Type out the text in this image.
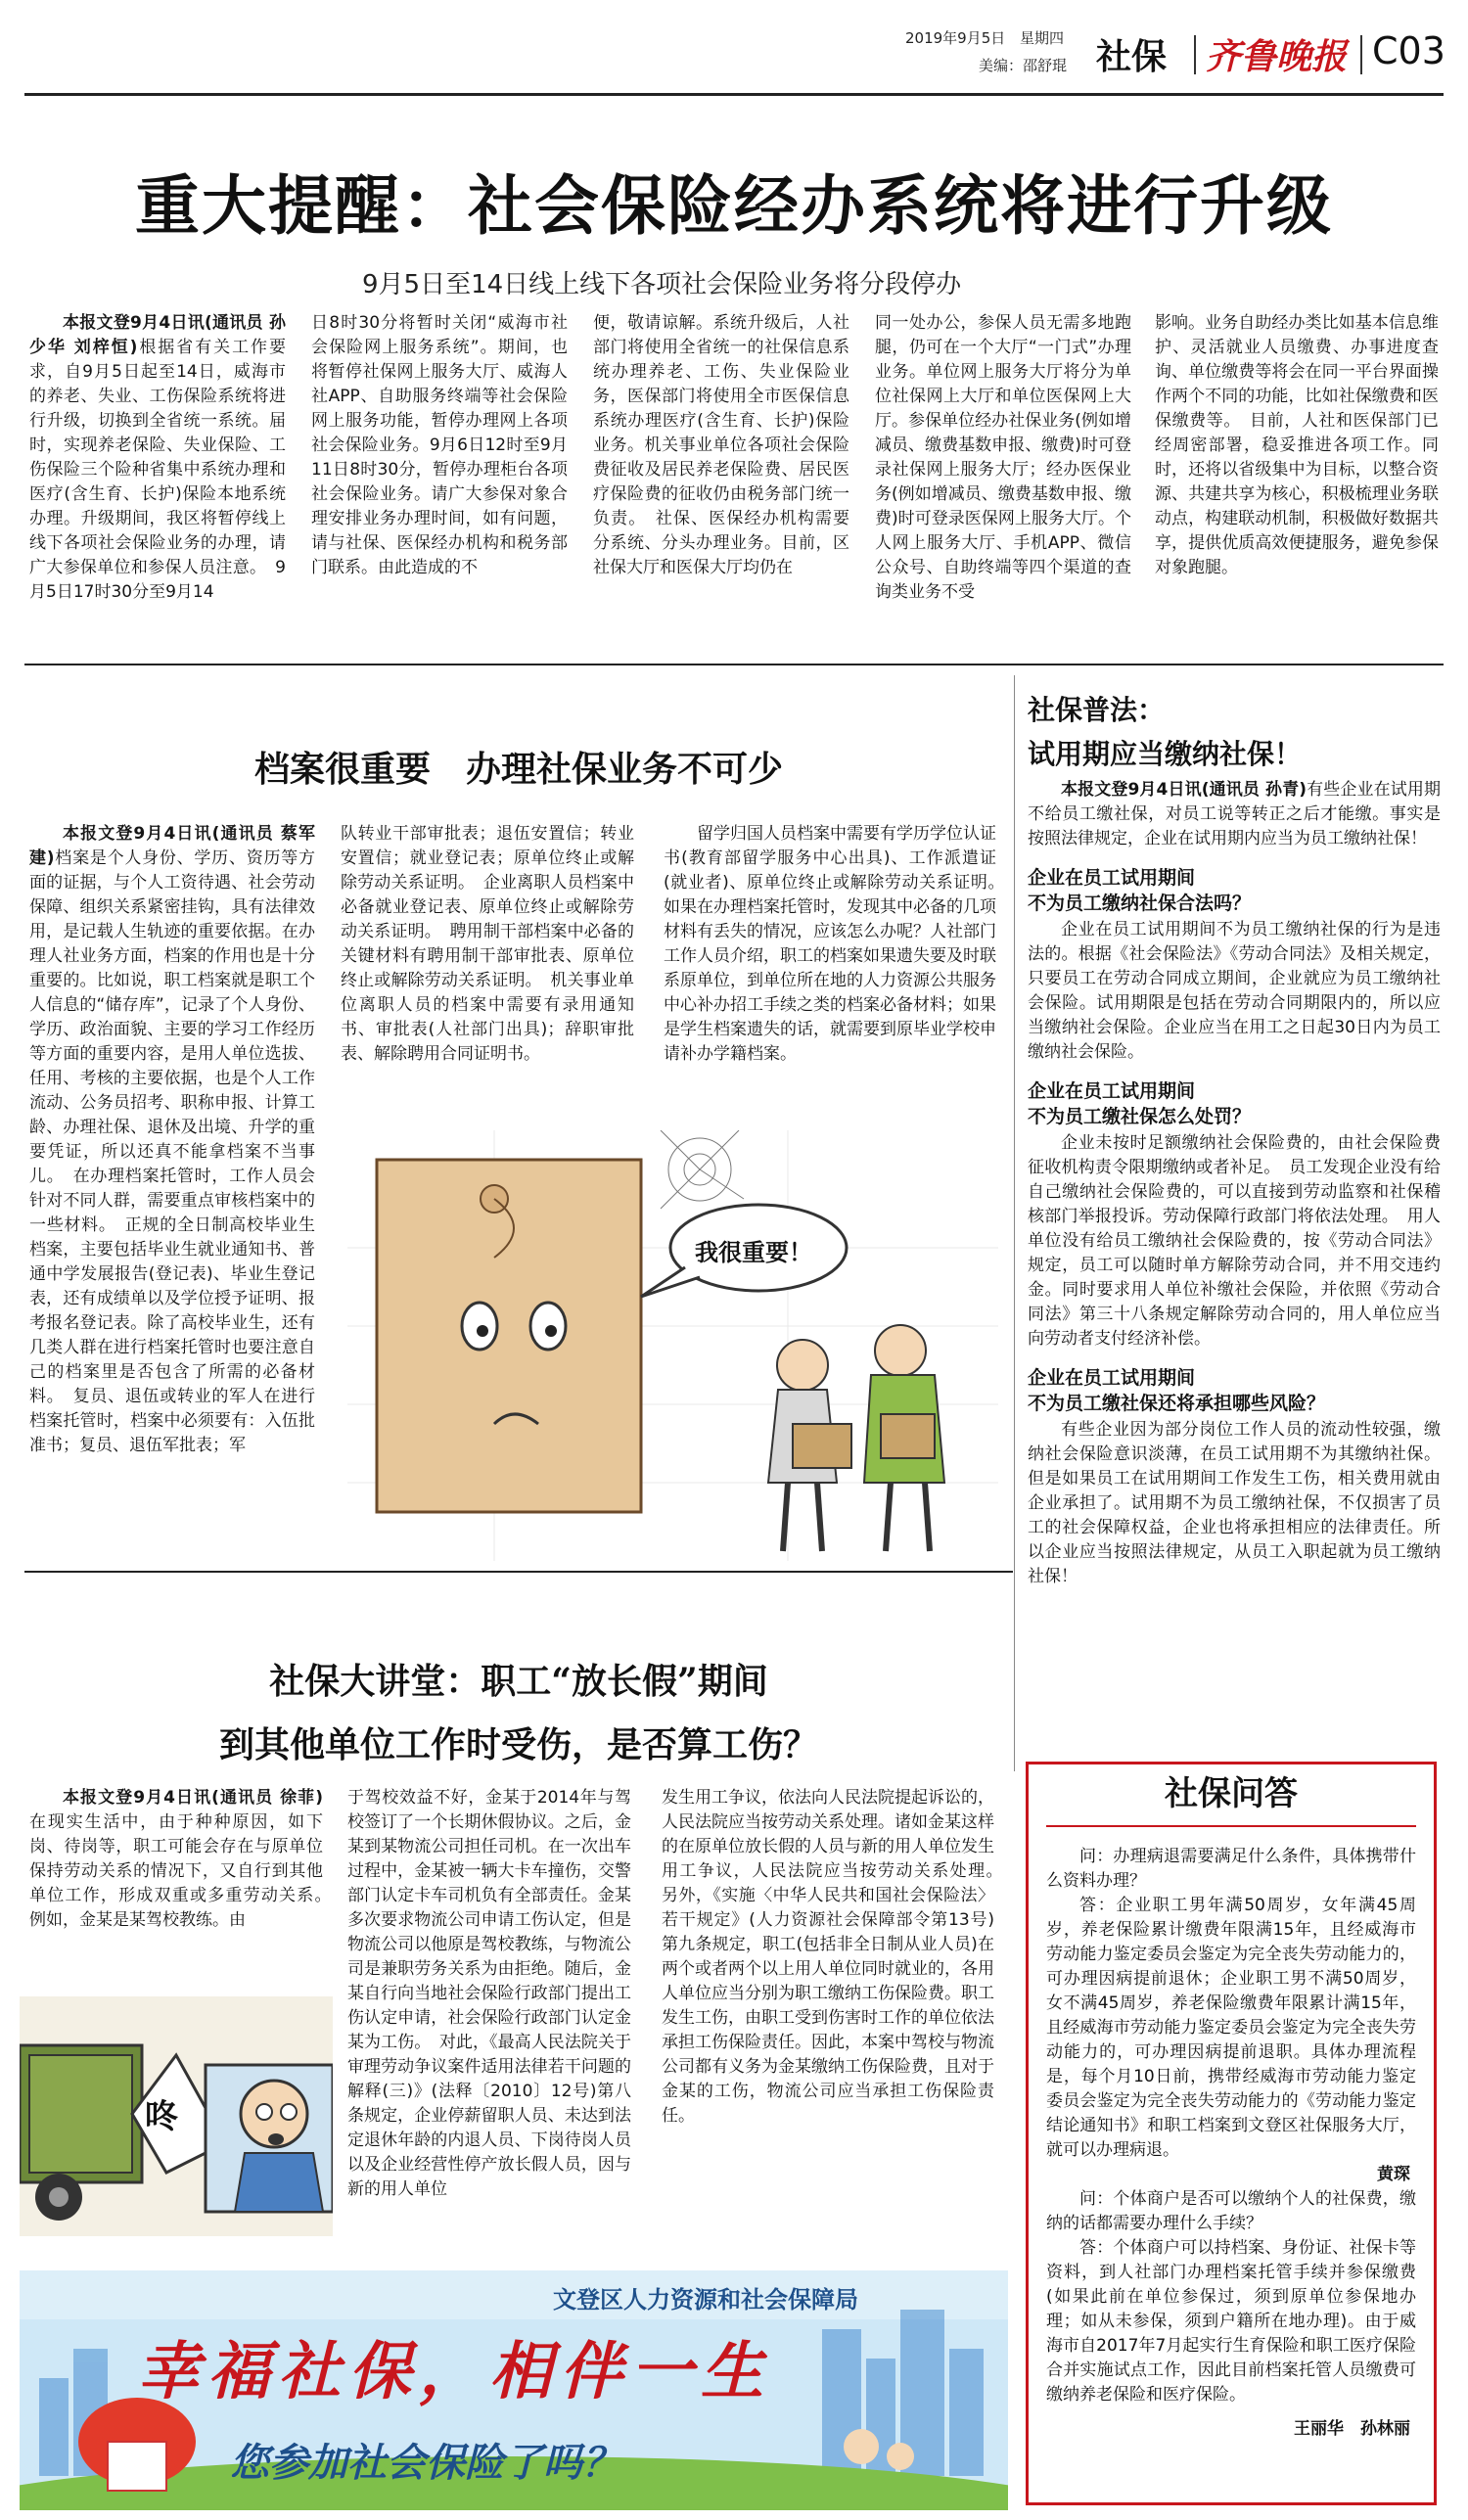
2019年9月5日 星期四
美编：邵舒琨 社保 齐鲁晚报 C03
重大提醒：社会保险经办系统将进行升级
9月5日至14日线上线下各项社会保险业务将分段停办

本报文登9月4日讯(通讯员 孙少华 刘梓恒)根据省有关工作要求，自9月5日起至14日，威海市的养老、失业、工伤保险系统将进行升级，切换到全省统一系统。届时，实现养老保险、失业保险、工伤保险三个险种省集中系统办理和医疗(含生育、长护)保险本地系统办理。升级期间，我区将暂停线上线下各项社会保险业务的办理，请广大参保单位和参保人员注意。　9月5日17时30分至9月14

日8时30分将暂时关闭“威海市社会保险网上服务系统”。期间，也将暂停社保网上服务大厅、威海人社APP、自助服务终端等社会保险网上服务功能，暂停办理网上各项社会保险业务。9月6日12时至9月11日8时30分，暂停办理柜台各项社会保险业务。请广大参保对象合理安排业务办理时间，如有问题，请与社保、医保经办机构和税务部门联系。由此造成的不

便，敬请谅解。系统升级后，人社部门将使用全省统一的社保信息系统办理养老、工伤、失业保险业务，医保部门将使用全市医保信息系统办理医疗(含生育、长护)保险业务。机关事业单位各项社会保险费征收及居民养老保险费、居民医疗保险费的征收仍由税务部门统一负责。　社保、医保经办机构需要分系统、分头办理业务。目前，区社保大厅和医保大厅均仍在

同一处办公，参保人员无需多地跑腿，仍可在一个大厅“一门式”办理业务。单位网上服务大厅将分为单位社保网上大厅和单位医保网上大厅。参保单位经办社保业务(例如增减员、缴费基数申报、缴费)时可登录社保网上服务大厅；经办医保业务(例如增减员、缴费基数申报、缴费)时可登录医保网上服务大厅。个人网上服务大厅、手机APP、微信公众号、自助终端等四个渠道的查询类业务不受

影响。业务自助经办类比如基本信息维护、灵活就业人员缴费、办事进度查询、单位缴费等将会在同一平台界面操作两个不同的功能，比如社保缴费和医保缴费等。　目前，人社和医保部门已经周密部署，稳妥推进各项工作。同时，还将以省级集中为目标，以整合资源、共建共享为核心，积极梳理业务联动点，构建联动机制，积极做好数据共享，提供优质高效便捷服务，避免参保对象跑腿。

档案很重要　办理社保业务不可少

本报文登9月4日讯(通讯员 蔡军建)档案是个人身份、学历、资历等方面的证据，与个人工资待遇、社会劳动保障、组织关系紧密挂钩，具有法律效用，是记载人生轨迹的重要依据。在办理人社业务方面，档案的作用也是十分重要的。比如说，职工档案就是职工个人信息的“储存库”，记录了个人身份、学历、政治面貌、主要的学习工作经历等方面的重要内容，是用人单位选拔、任用、考核的主要依据，也是个人工作流动、公务员招考、职称申报、计算工龄、办理社保、退休及出境、升学的重要凭证，所以还真不能拿档案不当事儿。　在办理档案托管时，工作人员会针对不同人群，需要重点审核档案中的一些材料。　正规的全日制高校毕业生档案，主要包括毕业生就业通知书、普通中学发展报告(登记表)、毕业生登记表，还有成绩单以及学位授予证明、报考报名登记表。除了高校毕业生，还有几类人群在进行档案托管时也要注意自己的档案里是否包含了所需的必备材料。　复员、退伍或转业的军人在进行档案托管时，档案中必须要有：入伍批准书；复员、退伍军批表；军

队转业干部审批表；退伍安置信；转业安置信；就业登记表；原单位终止或解除劳动关系证明。　企业离职人员档案中必备就业登记表、原单位终止或解除劳动关系证明。　聘用制干部档案中必备的关键材料有聘用制干部审批表、原单位终止或解除劳动关系证明。　机关事业单位离职人员的档案中需要有录用通知书、审批表(人社部门出具)；辞职审批表、解除聘用合同证明书。

留学归国人员档案中需要有学历学位认证书(教育部留学服务中心出具)、工作派遣证(就业者)、原单位终止或解除劳动关系证明。　如果在办理档案托管时，发现其中必备的几项材料有丢失的情况，应该怎么办呢？人社部门工作人员介绍，职工的档案如果遗失要及时联系原单位，到单位所在地的人力资源公共服务中心补办招工手续之类的档案必备材料；如果是学生档案遗失的话，就需要到原毕业学校申请补办学籍档案。

我很重要！
社保普法：
试用期应当缴纳社保！

本报文登9月4日讯(通讯员 孙青)有些企业在试用期不给员工缴社保，对员工说等转正之后才能缴。事实是按照法律规定，企业在试用期内应当为员工缴纳社保！

企业在员工试用期间
不为员工缴纳社保合法吗？

企业在员工试用期间不为员工缴纳社保的行为是违法的。根据《社会保险法》《劳动合同法》及相关规定，只要员工在劳动合同成立期间，企业就应为员工缴纳社会保险。试用期限是包括在劳动合同期限内的，所以应当缴纳社会保险。企业应当在用工之日起30日内为员工缴纳社会保险。

企业在员工试用期间
不为员工缴社保怎么处罚？

企业未按时足额缴纳社会保险费的，由社会保险费征收机构责令限期缴纳或者补足。　员工发现企业没有给自己缴纳社会保险费的，可以直接到劳动监察和社保稽核部门举报投诉。劳动保障行政部门将依法处理。　用人单位没有给员工缴纳社会保险费的，按《劳动合同法》规定，员工可以随时单方解除劳动合同，并不用交违约金。同时要求用人单位补缴社会保险，并依照《劳动合同法》第三十八条规定解除劳动合同的，用人单位应当向劳动者支付经济补偿。

企业在员工试用期间
不为员工缴社保还将承担哪些风险？

有些企业因为部分岗位工作人员的流动性较强，缴纳社会保险意识淡薄，在员工试用期不为其缴纳社保。但是如果员工在试用期间工作发生工伤，相关费用就由企业承担了。试用期不为员工缴纳社保，不仅损害了员工的社会保障权益，企业也将承担相应的法律责任。所以企业应当按照法律规定，从员工入职起就为员工缴纳社保！

社保大讲堂：职工“放长假”期间
到其他单位工作时受伤，是否算工伤？

本报文登9月4日讯(通讯员 徐菲)在现实生活中，由于种种原因，如下岗、待岗等，职工可能会存在与原单位保持劳动关系的情况下，又自行到其他单位工作，形成双重或多重劳动关系。　例如，金某是某驾校教练。由

于驾校效益不好，金某于2014年与驾校签订了一个长期休假协议。之后，金某到某物流公司担任司机。在一次出车过程中，金某被一辆大卡车撞伤，交警部门认定卡车司机负有全部责任。金某多次要求物流公司申请工伤认定，但是物流公司以他原是驾校教练，与物流公司是兼职劳务关系为由拒绝。随后，金某自行向当地社会保险行政部门提出工伤认定申请，社会保险行政部门认定金某为工伤。　对此，《最高人民法院关于审理劳动争议案件适用法律若干问题的解释(三)》(法释〔2010〕12号)第八条规定，企业停薪留职人员、未达到法定退休年龄的内退人员、下岗待岗人员以及企业经营性停产放长假人员，因与新的用人单位

发生用工争议，依法向人民法院提起诉讼的，人民法院应当按劳动关系处理。诸如金某这样的在原单位放长假的人员与新的用人单位发生用工争议，人民法院应当按劳动关系处理。　另外，《实施〈中华人民共和国社会保险法〉若干规定》(人力资源社会保障部令第13号)第九条规定，职工(包括非全日制从业人员)在两个或者两个以上用人单位同时就业的，各用人单位应当分别为职工缴纳工伤保险费。职工发生工伤，由职工受到伤害时工作的单位依法承担工伤保险责任。因此，本案中驾校与物流公司都有义务为金某缴纳工伤保险费，且对于金某的工伤，物流公司应当承担工伤保险责任。

咚
社保问答

问：办理病退需要满足什么条件，具体携带什么资料办理？

答：企业职工男年满50周岁，女年满45周岁，养老保险累计缴费年限满15年，且经威海市劳动能力鉴定委员会鉴定为完全丧失劳动能力的，可办理因病提前退休；企业职工男不满50周岁，女不满45周岁，养老保险缴费年限累计满15年，且经威海市劳动能力鉴定委员会鉴定为完全丧失劳动能力的，可办理因病提前退职。具体办理流程是，每个月10日前，携带经威海市劳动能力鉴定委员会鉴定为完全丧失劳动能力的《劳动能力鉴定结论通知书》和职工档案到文登区社保服务大厅，就可以办理病退。

黄琛

问：个体商户是否可以缴纳个人的社保费，缴纳的话都需要办理什么手续？

答：个体商户可以持档案、身份证、社保卡等资料，到人社部门办理档案托管手续并参保缴费(如果此前在单位参保过，须到原单位参保地办理；如从未参保，须到户籍所在地办理)。由于威海市自2017年7月起实行生育保险和职工医疗保险合并实施试点工作，因此目前档案托管人员缴费可缴纳养老保险和医疗保险。

王丽华　孙林丽
文登区人力资源和社会保障局
幸福社保，相伴一生
您参加社会保险了吗？
